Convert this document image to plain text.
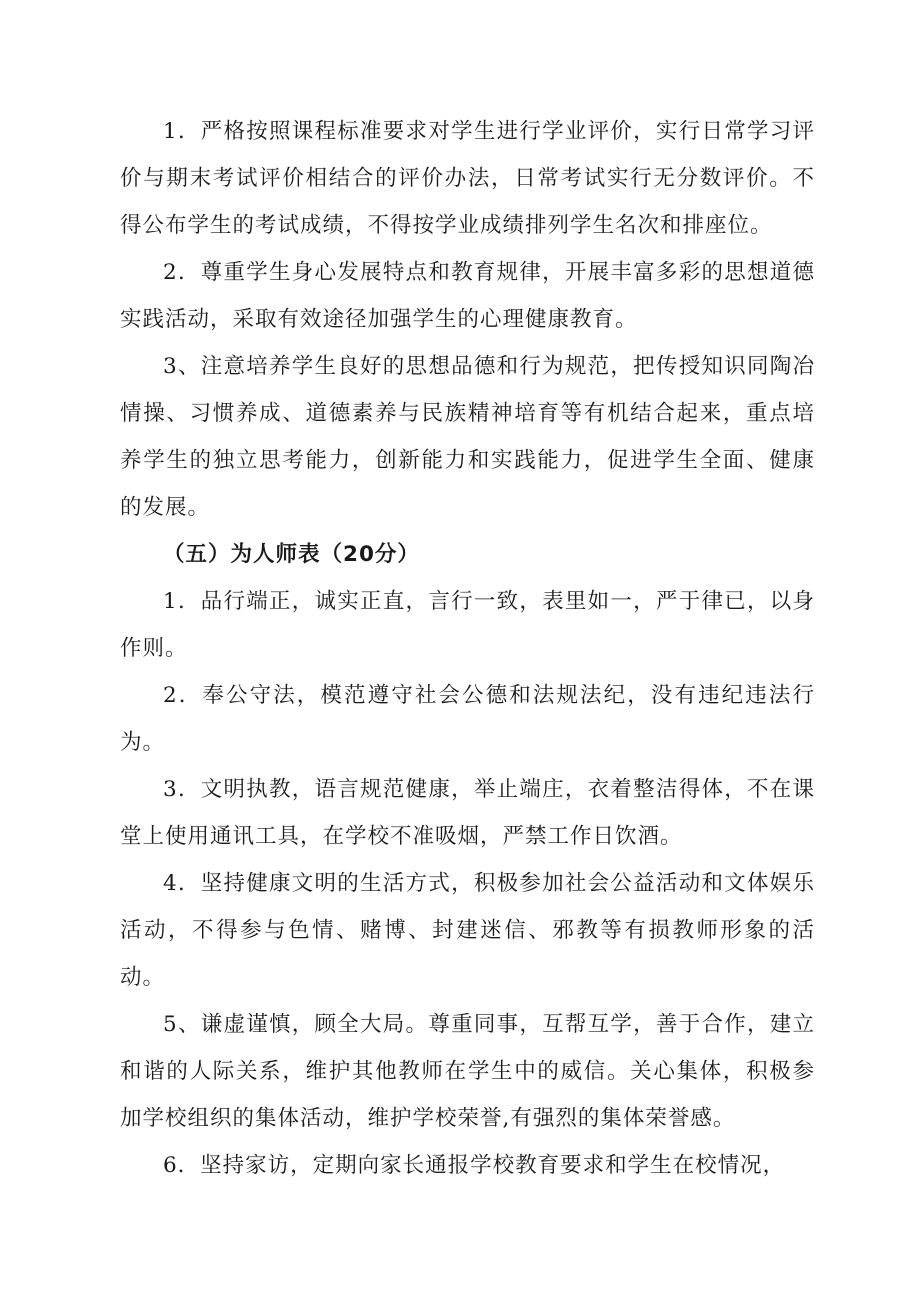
1．严格按照课程标准要求对学生进行学业评价，实行日常学习评价与期末考试评价相结合的评价办法，日常考试实行无分数评价。不得公布学生的考试成绩，不得按学业成绩排列学生名次和排座位。

2．尊重学生身心发展特点和教育规律，开展丰富多彩的思想道德实践活动，采取有效途径加强学生的心理健康教育。

3、注意培养学生良好的思想品德和行为规范，把传授知识同陶冶情操、习惯养成、道德素养与民族精神培育等有机结合起来，重点培养学生的独立思考能力，创新能力和实践能力，促进学生全面、健康的发展。

（五）为人师表（20分）

1．品行端正，诚实正直，言行一致，表里如一，严于律已，以身作则。

2．奉公守法，模范遵守社会公德和法规法纪，没有违纪违法行为。

3．文明执教，语言规范健康，举止端庄，衣着整洁得体，不在课堂上使用通讯工具，在学校不准吸烟，严禁工作日饮酒。

4．坚持健康文明的生活方式，积极参加社会公益活动和文体娱乐活动，不得参与色情、赌博、封建迷信、邪教等有损教师形象的活动。

5、谦虚谨慎，顾全大局。尊重同事，互帮互学，善于合作，建立和谐的人际关系，维护其他教师在学生中的威信。关心集体，积极参加学校组织的集体活动，维护学校荣誉,有强烈的集体荣誉感。

6．坚持家访，定期向家长通报学校教育要求和学生在校情况，
